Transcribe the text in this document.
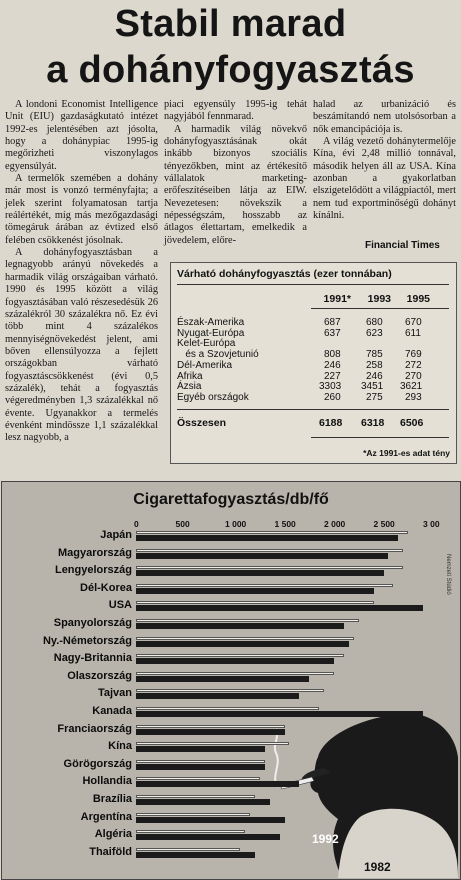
Stabil marad
a dohányfogyasztás

A londoni Economist Intelligence Unit (EIU) gazdaságkutató intézet 1992-es jelentésében azt jósolta, hogy a dohánypiac 1995-ig megőrizheti viszonylagos egyensúlyát.

A termelők szemében a dohány már most is vonzó terményfajta; a jelek szerint folyamatosan tartja reálértékét, míg más mezőgazdasági tömegáruk árában az évtized első felében csökkenést jósolnak.

A dohányfogyasztásban a legnagyobb arányú növekedés a harmadik világ országaiban várható. 1990 és 1995 között a világ fogyasztásában való részesedésük 26 százalékról 30 százalékra nő. Ez évi több mint 4 százalékos mennyiségnövekedést jelent, ami bőven ellensúlyozza a fejlett országokban várható fogyasztáscsökkenést (évi 0,5 százalék), tehát a fogyasztás végeredményben 1,3 százalékkal nő évente. Ugyanakkor a termelés évenként mindössze 1,1 százalékkal lesz nagyobb, a

piaci egyensúly 1995-ig tehát nagyjából fennmarad.

A harmadik világ növekvő dohányfogyasztásának okát inkább bizonyos szociális tényezőkben, mint az értékesítő vállalatok marketing-erőfeszítéseiben látja az EIW. Nevezetesen: növekszik a népességszám, hosszabb az átlagos élettartam, emelkedik a jövedelem, előre-

halad az urbanizáció és beszámítandó nem utolsósorban a nők emancipációja is.

A világ vezető dohánytermelője Kína, évi 2,48 millió tonnával, második helyen áll az USA. Kína azonban a gyakorlatban elszigetelődött a világpiactól, mert nem tud exportminőségű dohányt kínálni.

Financial Times
Várható dohányfogyasztás (ezer tonnában)
1991*	1993	1995
Észak-Amerika	687	680 670
Nyugat-Európa	637	623 611
Kelet-Európa
és a Szovjetunió	808	785 769
Dél-Amerika	246	258 272
Afrika	227	246 270
Ázsia	3303 3451 3621
Egyéb országok	260	275 293
Összesen	6188 6318 6506
*Az 1991-es adat tény
Cigarettafogyasztás/db/fő
1992
1982
Nemzeti Stúdió
0	500	1 000	1 500	2 000	2 500	3 00
Japán
Magyarország
Lengyelország
Dél-Korea
USA
Spanyolország
Ny.-Németország
Nagy-Britannia
Olaszország
Tajvan
Kanada
Franciaország
Kína
Görögország
Hollandia
Brazília
Argentína
Algéria
Thaiföld
